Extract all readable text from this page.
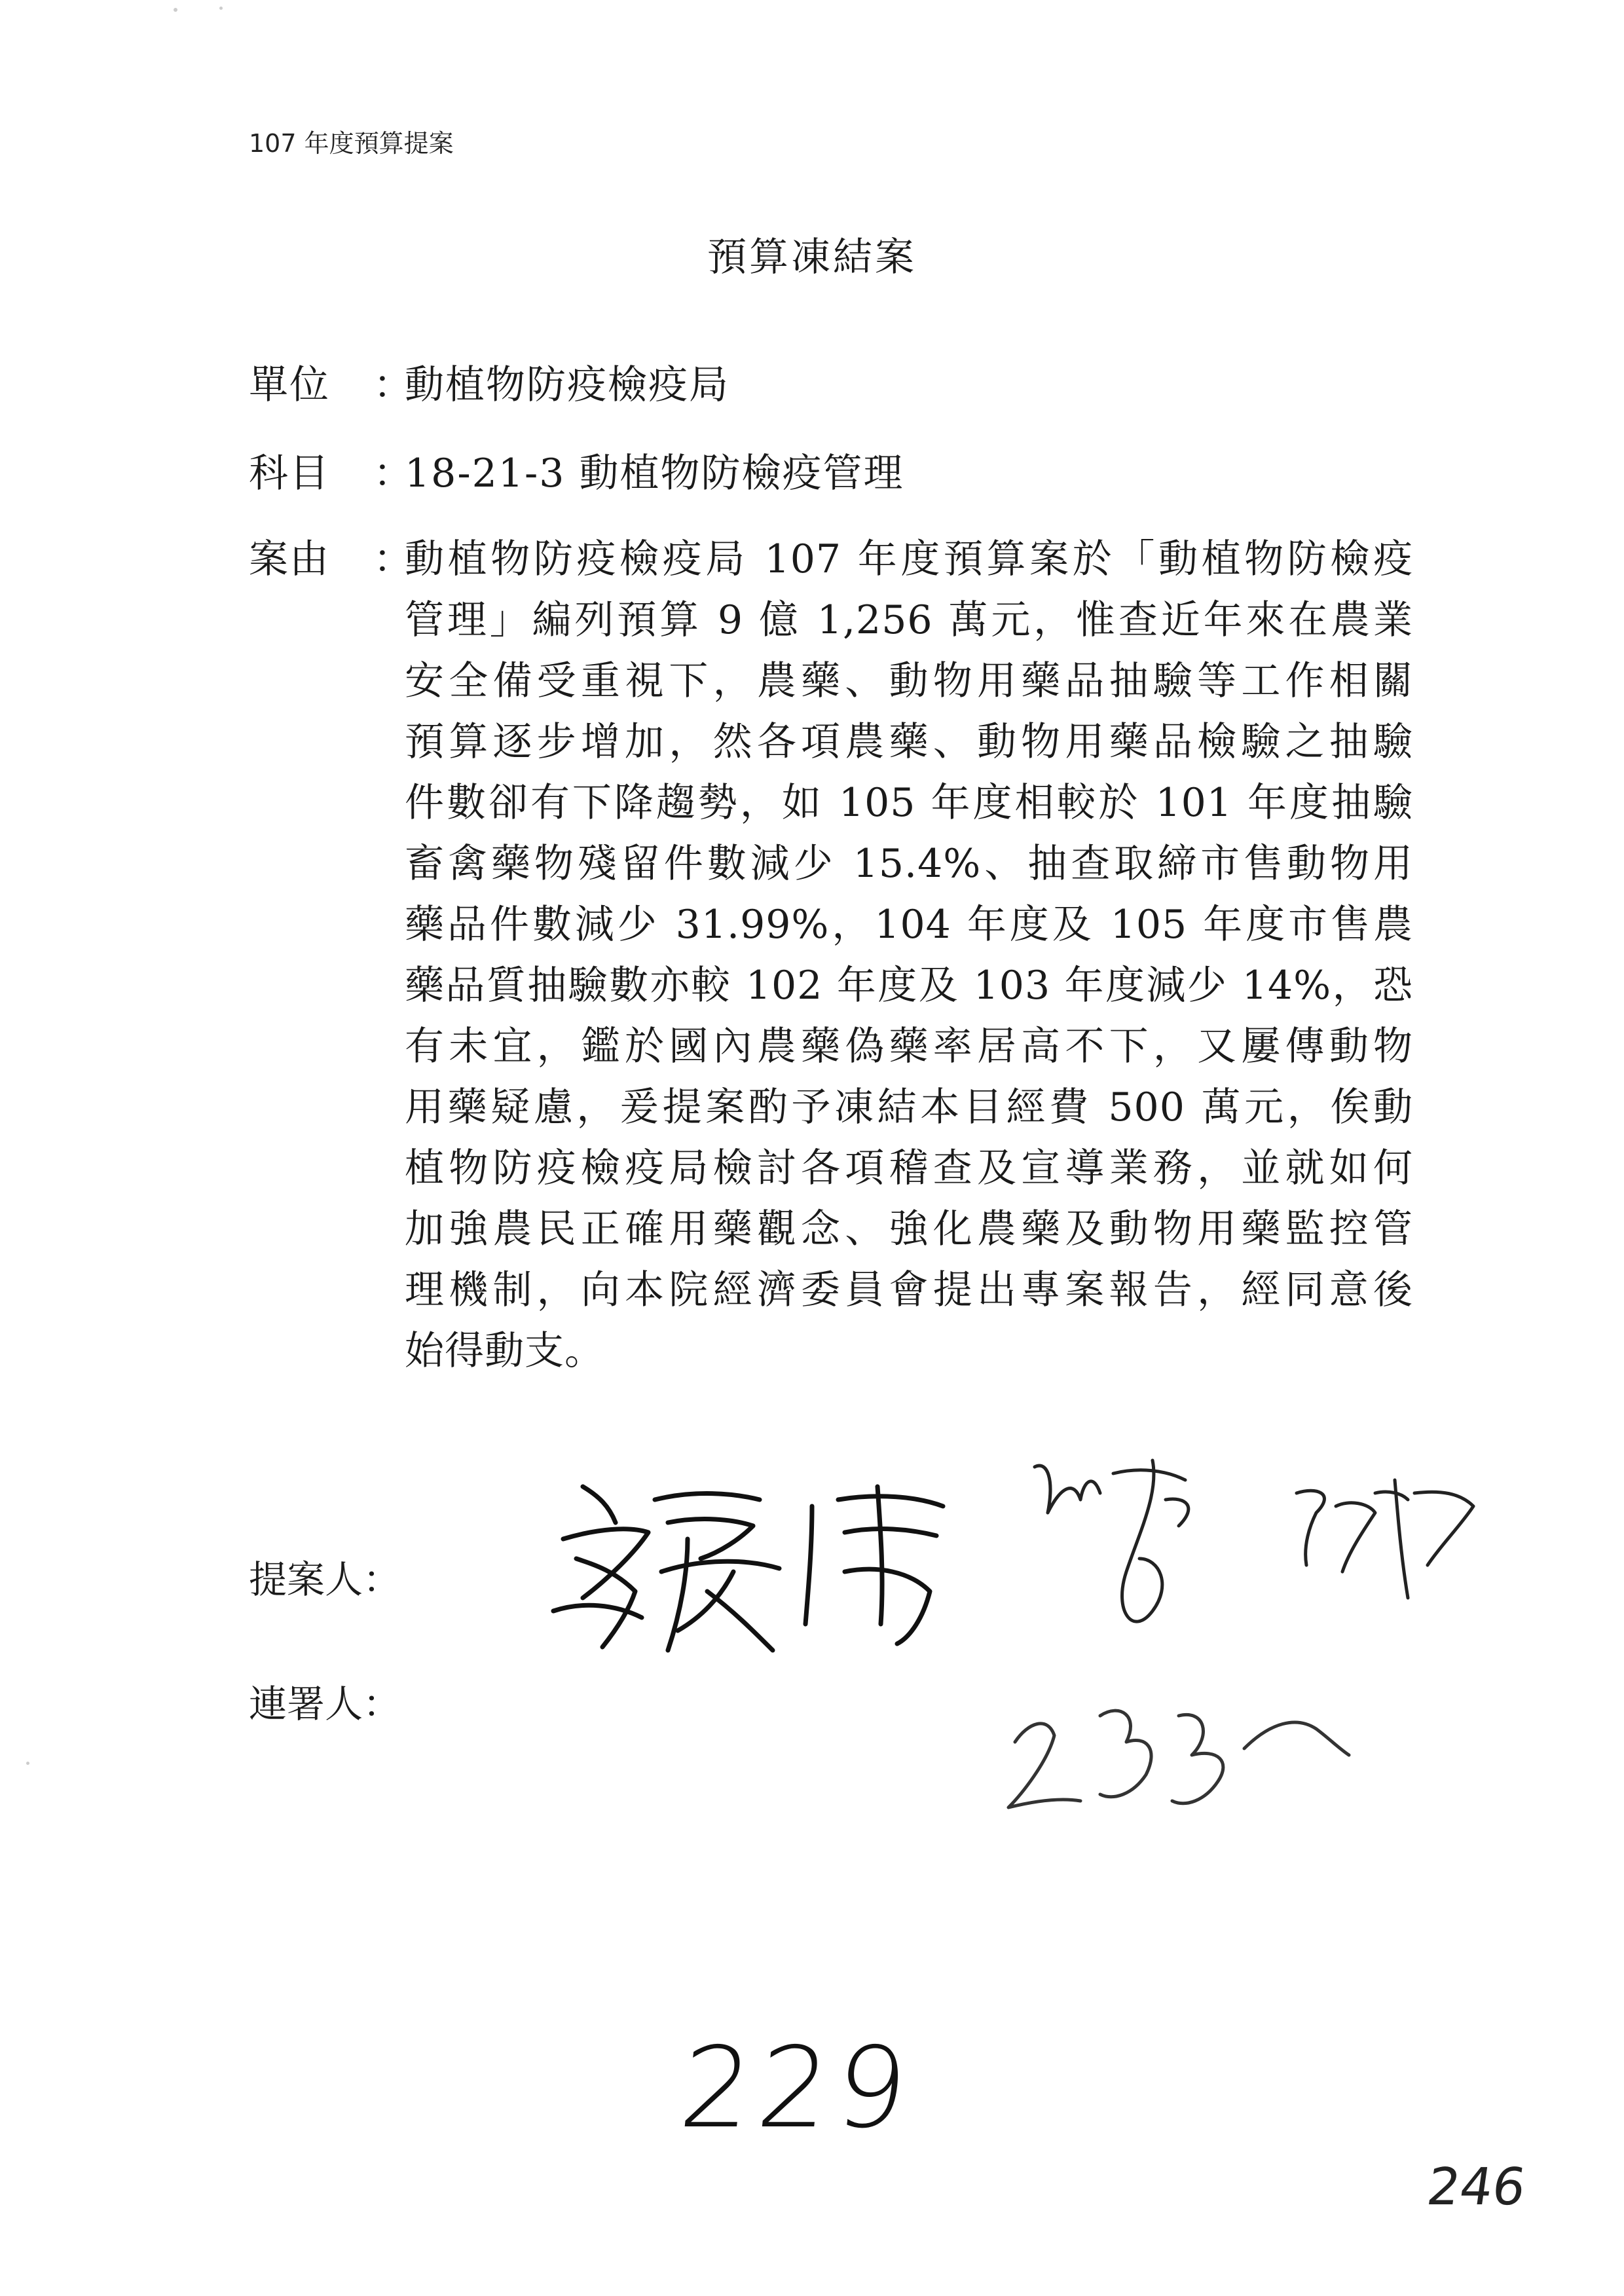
107 年度預算提案
預算凍結案
單位	：
動植物防疫檢疫局
科目	：
18-21-3 動植物防檢疫管理
案由	：
動植物防疫檢疫局 107 年度預算案於「動植物防檢疫
管理」編列預算 9 億 1,256 萬元，惟查近年來在農業
安全備受重視下，農藥、動物用藥品抽驗等工作相關
預算逐步增加，然各項農藥、動物用藥品檢驗之抽驗
件數卻有下降趨勢，如 105 年度相較於 101 年度抽驗
畜禽藥物殘留件數減少 15.4%、抽查取締市售動物用
藥品件數減少 31.99%，104 年度及 105 年度市售農
藥品質抽驗數亦較 102 年度及 103 年度減少 14%，恐
有未宜，鑑於國內農藥偽藥率居高不下，又屢傳動物
用藥疑慮，爰提案酌予凍結本目經費 500 萬元，俟動
植物防疫檢疫局檢討各項稽查及宣導業務，並就如何
加強農民正確用藥觀念、強化農藥及動物用藥監控管
理機制，向本院經濟委員會提出專案報告，經同意後
始得動支。
提案人：
連署人：
229
246
